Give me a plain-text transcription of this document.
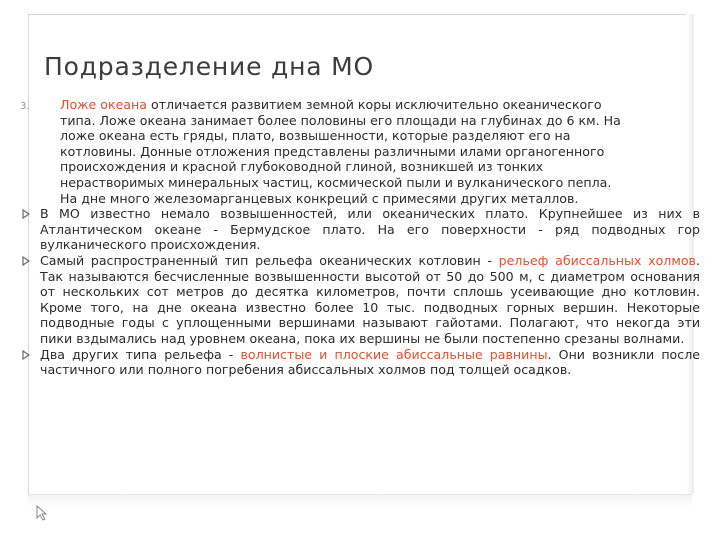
Подразделение дна МО
3. Ложе океана отличается развитием земной коры исключительно океанического
типа. Ложе океана занимает более половины его площади на глубинах до 6 км. На
ложе океана есть гряды, плато, возвышенности, которые разделяют его на
котловины. Донные отложения представлены различными илами органогенного
происхождения и красной глубоководной глиной, возникшей из тонких
нерастворимых минеральных частиц, космической пыли и вулканического пепла.
На дне много железомарганцевых конкреций с примесями других металлов.
В МО известно немало возвышенностей, или океанических плато. Крупнейшее из них в Атлантическом океане - Бермудское плато. На его поверхности - ряд подводных гор вулканического происхождения.
Самый распространенный тип рельефа океанических котловин - рельеф абиссальных холмов. Так называются бесчисленные возвышенности высотой от 50 до 500 м, с диаметром основания от нескольких сот метров до десятка километров, почти сплошь усеивающие дно котловин. Кроме того, на дне океана известно более 10 тыс. подводных горных вершин. Некоторые подводные годы с уплощенными вершинами называют гайотами. Полагают, что некогда эти пики вздымались над уровнем океана, пока их вершины не были постепенно срезаны волнами.
Два других типа рельефа - волнистые и плоские абиссальные равнины. Они возникли после частичного или полного погребения абиссальных холмов под толщей осадков.
